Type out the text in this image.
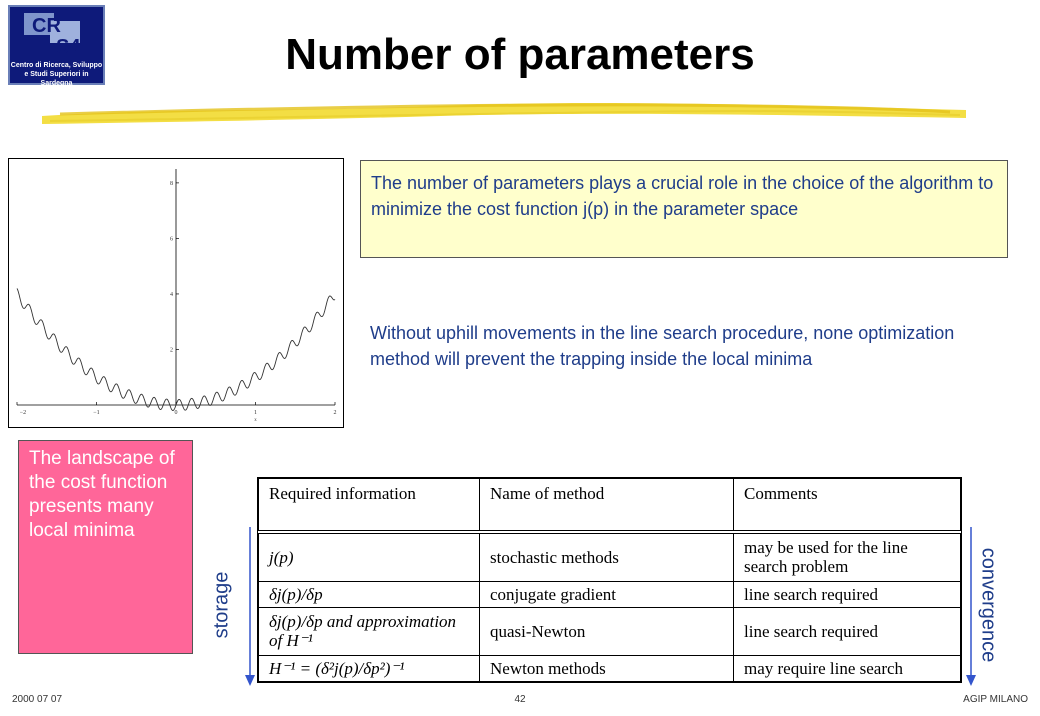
CR
S4
Centro di Ricerca, Sviluppo
e Studi Superiori in Sardegna
Number of parameters
−2	−1	0	1	2
x
2
4
6
8	The number of parameters plays a crucial role in the choice of the algorithm to minimize the cost function j(p) in the parameter space
Without uphill movements in the line search procedure, none optimization method will prevent the trapping inside the local minima
The landscape of the cost function presents many local minima
storage	convergence
Required information	Name of method	Comments
j(p)	stochastic methods	may be used for the line search problem
δj(p)/δp	conjugate gradient	line search required
δj(p)/δp and approximation of H⁻¹	quasi-Newton	line search required
H⁻¹ = (δ²j(p)/δp²)⁻¹	Newton methods	may require line search
2000 07 07	42	AGIP MILANO
